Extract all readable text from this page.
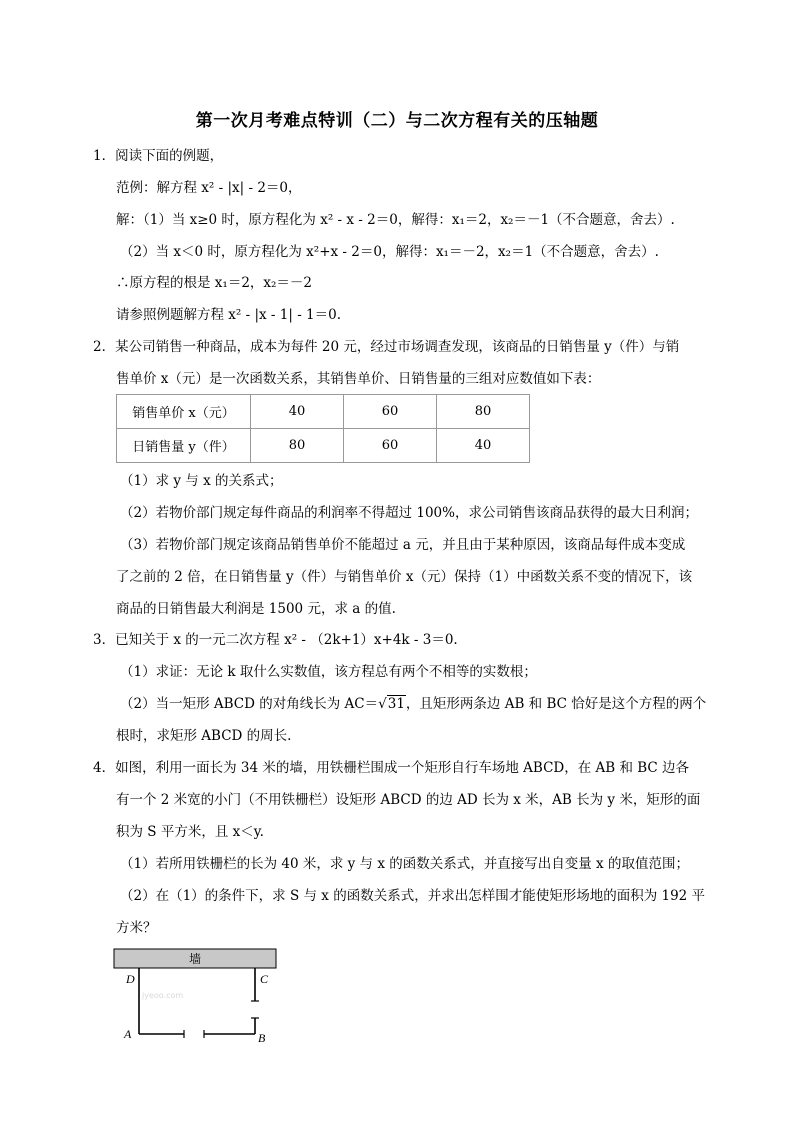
第一次月考难点特训（二）与二次方程有关的压轴题
1．阅读下面的例题，
范例：解方程 x² - |x| - 2＝0，
解：（1）当 x≥0 时，原方程化为 x² - x - 2＝0，解得：x₁＝2，x₂＝－1（不合题意，舍去）.
（2）当 x＜0 时，原方程化为 x²+x - 2＝0，解得：x₁＝－2，x₂＝1（不合题意，舍去）.
∴原方程的根是 x₁＝2，x₂＝－2
请参照例题解方程 x² - |x - 1| - 1＝0.
2．某公司销售一种商品，成本为每件 20 元，经过市场调查发现，该商品的日销售量 y（件）与销
售单价 x（元）是一次函数关系，其销售单价、日销售量的三组对应数值如下表：
销售单价 x（元）	40	60	80
日销售量 y（件）	80	60	40
（1）求 y 与 x 的关系式；
（2）若物价部门规定每件商品的利润率不得超过 100%，求公司销售该商品获得的最大日利润；
（3）若物价部门规定该商品销售单价不能超过 a 元，并且由于某种原因，该商品每件成本变成
了之前的 2 倍，在日销售量 y（件）与销售单价 x（元）保持（1）中函数关系不变的情况下，该
商品的日销售最大利润是 1500 元，求 a 的值.
3．已知关于 x 的一元二次方程 x² - （2k+1）x+4k - 3＝0.
（1）求证：无论 k 取什么实数值，该方程总有两个不相等的实数根；
（2）当一矩形 ABCD 的对角线长为 AC＝√31，且矩形两条边 AB 和 BC 恰好是这个方程的两个
根时，求矩形 ABCD 的周长.
4．如图，利用一面长为 34 米的墙，用铁栅栏围成一个矩形自行车场地 ABCD，在 AB 和 BC 边各
有一个 2 米宽的小门（不用铁栅栏）设矩形 ABCD 的边 AD 长为 x 米，AB 长为 y 米，矩形的面
积为 S 平方米，且 x＜y.
（1）若所用铁栅栏的长为 40 米，求 y 与 x 的函数关系式，并直接写出自变量 x 的取值范围；
（2）在（1）的条件下，求 S 与 x 的函数关系式，并求出怎样围才能使矩形场地的面积为 192 平
方米？
墙
D	C
A	B
jyeoo.com
